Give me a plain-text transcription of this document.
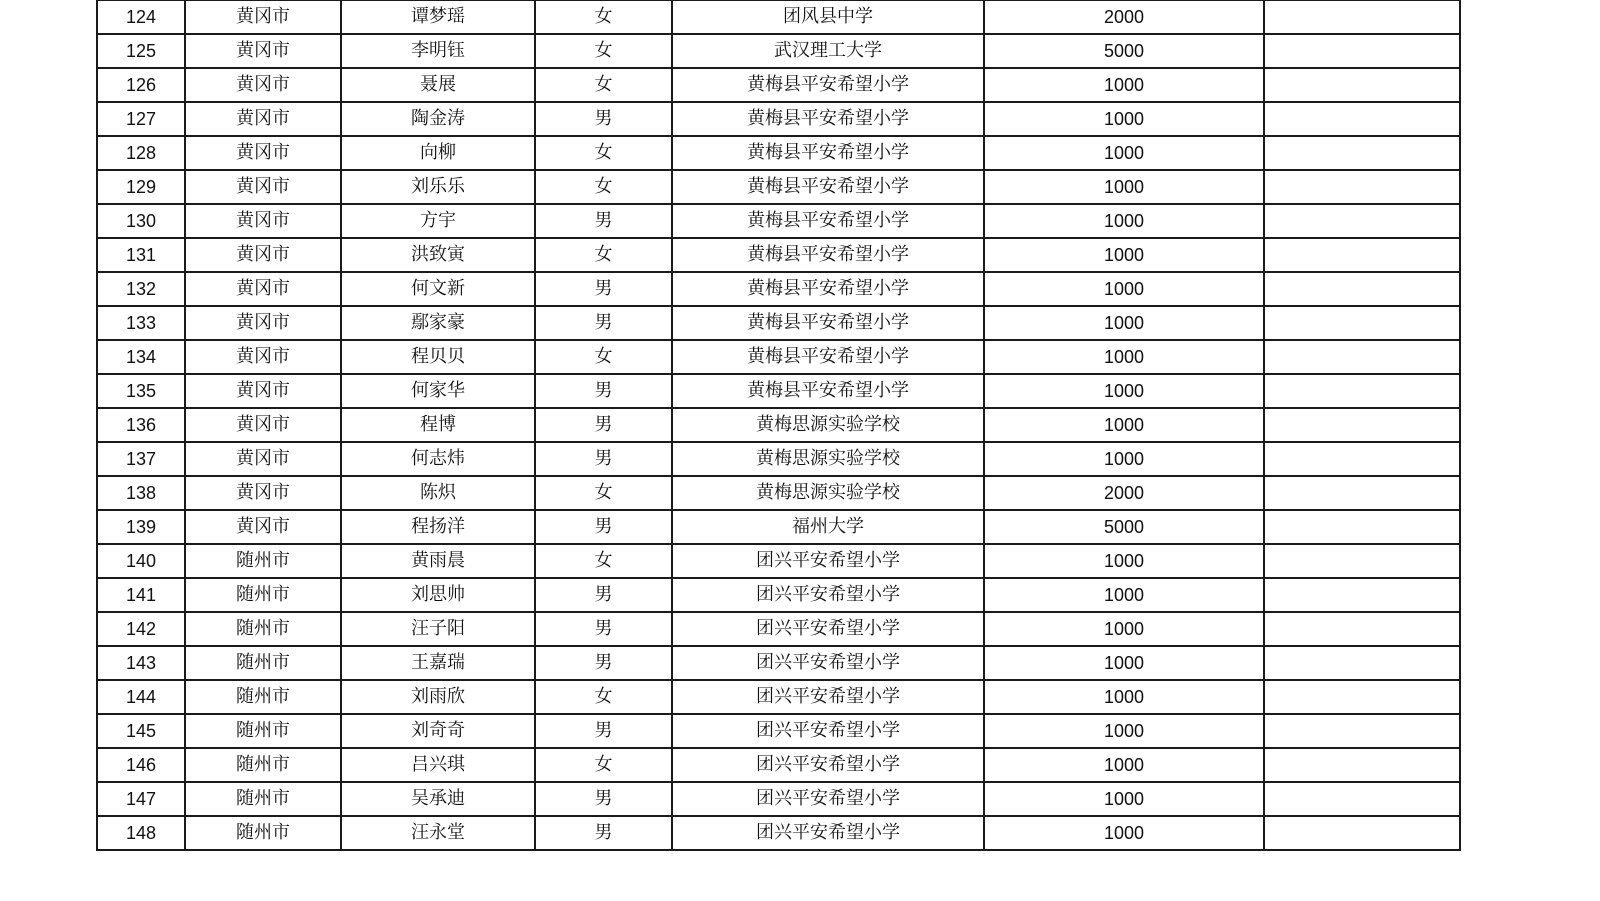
124	黄冈市	谭梦瑶	女	团风县中学	2000	
125	黄冈市	李明钰	女	武汉理工大学	5000	
126	黄冈市	聂展	女	黄梅县平安希望小学	1000	
127	黄冈市	陶金涛	男	黄梅县平安希望小学	1000	
128	黄冈市	向柳	女	黄梅县平安希望小学	1000	
129	黄冈市	刘乐乐	女	黄梅县平安希望小学	1000	
130	黄冈市	方宇	男	黄梅县平安希望小学	1000	
131	黄冈市	洪致寅	女	黄梅县平安希望小学	1000	
132	黄冈市	何文新	男	黄梅县平安希望小学	1000	
133	黄冈市	鄢家豪	男	黄梅县平安希望小学	1000	
134	黄冈市	程贝贝	女	黄梅县平安希望小学	1000	
135	黄冈市	何家华	男	黄梅县平安希望小学	1000	
136	黄冈市	程博	男	黄梅思源实验学校	1000	
137	黄冈市	何志炜	男	黄梅思源实验学校	1000	
138	黄冈市	陈炽	女	黄梅思源实验学校	2000	
139	黄冈市	程扬洋	男	福州大学	5000	
140	随州市	黄雨晨	女	团兴平安希望小学	1000	
141	随州市	刘思帅	男	团兴平安希望小学	1000	
142	随州市	汪子阳	男	团兴平安希望小学	1000	
143	随州市	王嘉瑞	男	团兴平安希望小学	1000	
144	随州市	刘雨欣	女	团兴平安希望小学	1000	
145	随州市	刘奇奇	男	团兴平安希望小学	1000	
146	随州市	吕兴琪	女	团兴平安希望小学	1000	
147	随州市	吴承迪	男	团兴平安希望小学	1000	
148	随州市	汪永堂	男	团兴平安希望小学	1000	
